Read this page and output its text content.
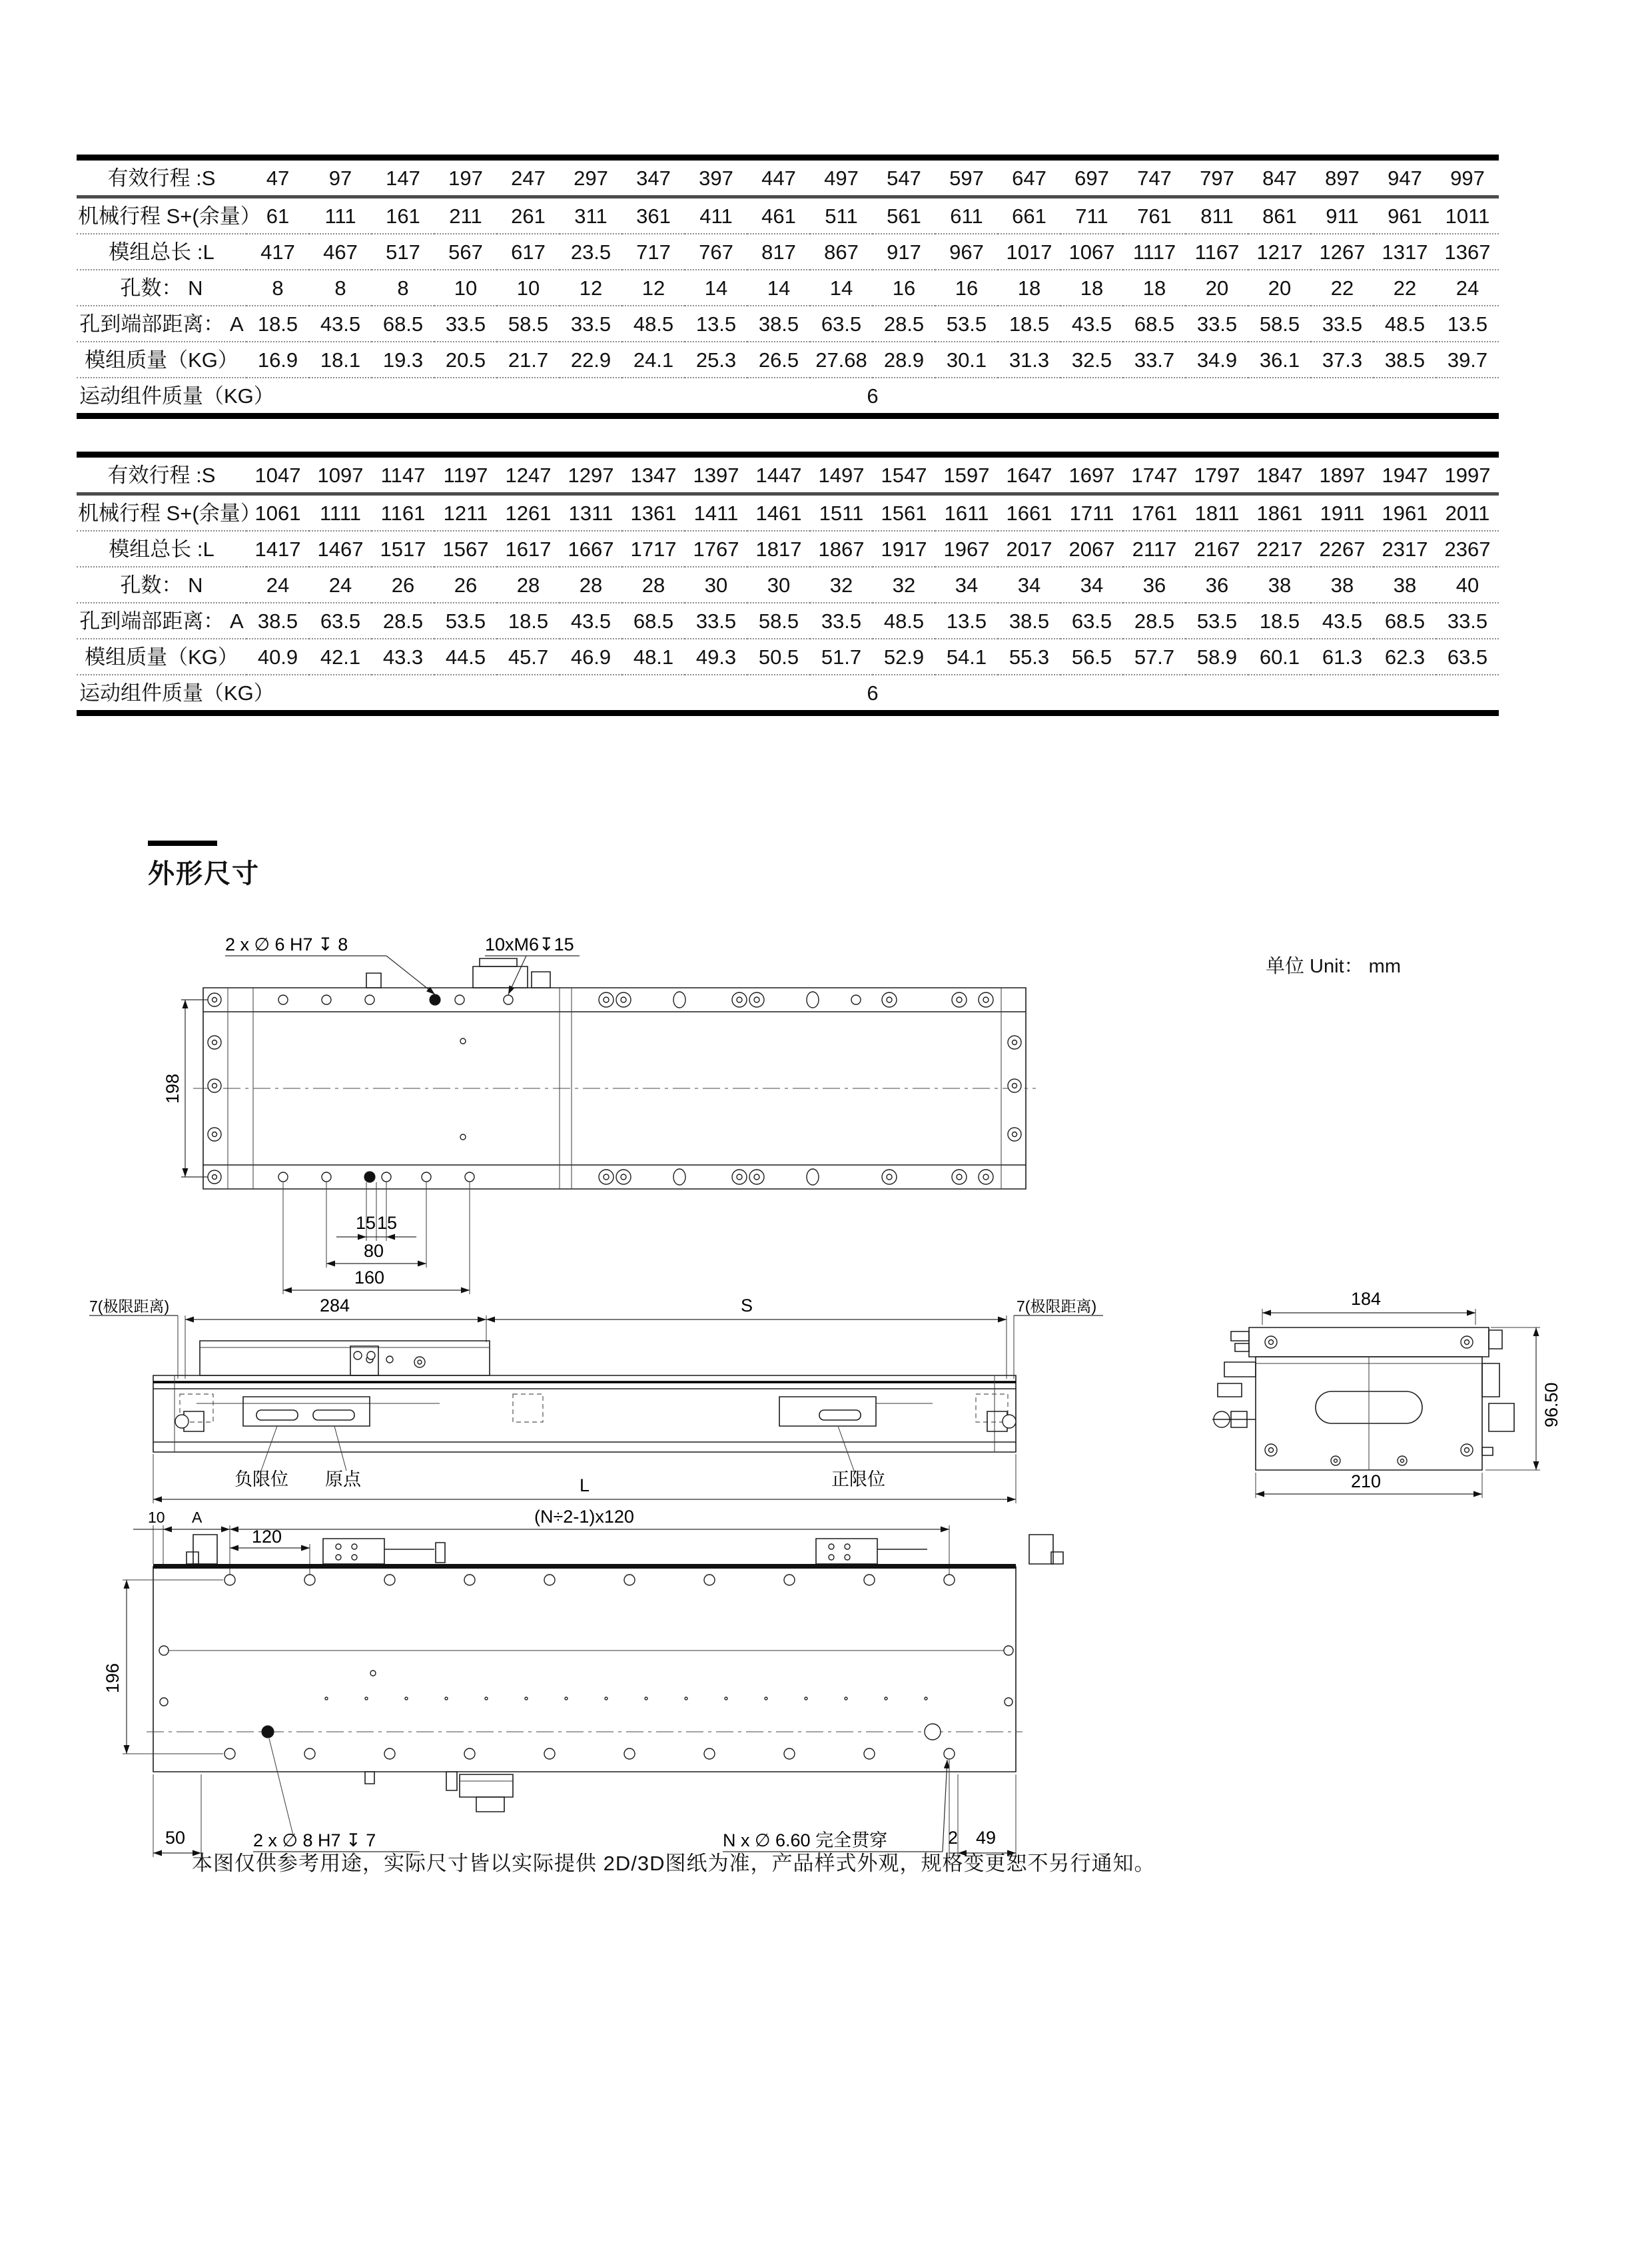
有效行程 :S	47	97	147	197	247	297	347	397	447	497	547	597	647	697	747	797	847	897	947	997
机械行程 S+(余量）	61	111	161	211	261	311	361	411	461	511	561	611	661	711	761	811	861	911	961	1011
模组总长 :L	417	467	517	567	617	23.5	717	767	817	867	917	967	1017	1067	1117	1167	1217	1267	1317	1367
孔数： N	8	8	8	10	10	12	12	14	14	14	16	16	18	18	18	20	20	22	22	24
孔到端部距离： A	18.5	43.5	68.5	33.5	58.5	33.5	48.5	13.5	38.5	63.5	28.5	53.5	18.5	43.5	68.5	33.5	58.5	33.5	48.5	13.5
模组质量（KG）	16.9	18.1	19.3	20.5	21.7	22.9	24.1	25.3	26.5	27.68	28.9	30.1	31.3	32.5	33.7	34.9	36.1	37.3	38.5	39.7
运动组件质量（KG）	6																			
有效行程 :S	1047	1097	1147	1197	1247	1297	1347	1397	1447	1497	1547	1597	1647	1697	1747	1797	1847	1897	1947	1997
机械行程 S+(余量）	1061	1111	1161	1211	1261	1311	1361	1411	1461	1511	1561	1611	1661	1711	1761	1811	1861	1911	1961	2011
模组总长 :L	1417	1467	1517	1567	1617	1667	1717	1767	1817	1867	1917	1967	2017	2067	2117	2167	2217	2267	2317	2367
孔数： N	24	24	26	26	28	28	28	30	30	32	32	34	34	34	36	36	38	38	38	40
孔到端部距离： A	38.5	63.5	28.5	53.5	18.5	43.5	68.5	33.5	58.5	33.5	48.5	13.5	38.5	63.5	28.5	53.5	18.5	43.5	68.5	33.5
模组质量（KG）	40.9	42.1	43.3	44.5	45.7	46.9	48.1	49.3	50.5	51.7	52.9	54.1	55.3	56.5	57.7	58.9	60.1	61.3	62.3	63.5
运动组件质量（KG）	6																			
外形尺寸
单位 Unit： mm
2 x ∅ 6 H7 ↧ 8	10xM6↧15
198
15 15
80
160
7(极限距离)	284	S	7(极限距离)
负限位 原点	正限位
L
184
96.50
210
10 A
120
(N÷2-1)x120
196
50	2 x ∅ 8 H7 ↧ 7	N x ∅ 6.60 完全贯穿	2 49
本图仅供参考用途，实际尺寸皆以实际提供 2D/3D图纸为准，产品样式外观，规格变更恕不另行通知。
